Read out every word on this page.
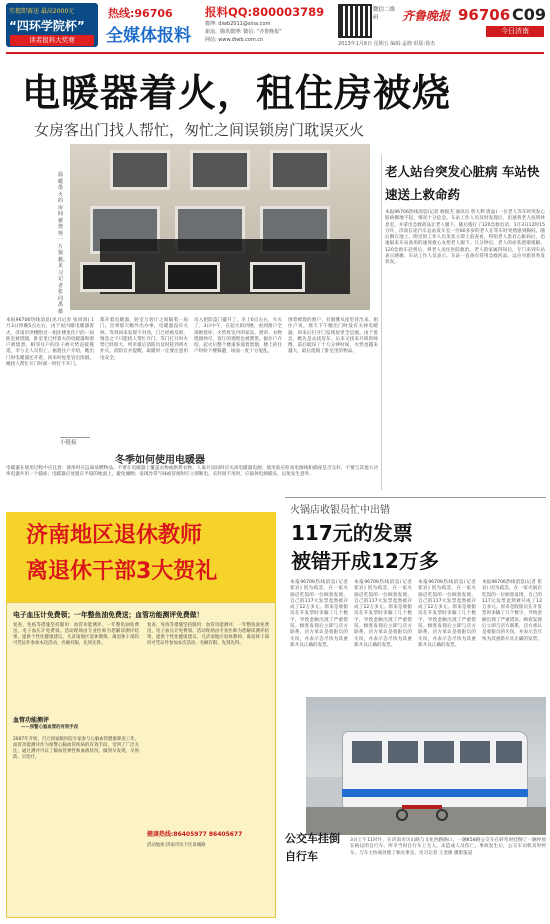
实握即赛送 最高2000元
“四环学院杯”
读者报料大奖赛
热线:96706
全媒体报料
报料QQ:800003789
微博: diwb2011@sina.com
新浪、腾讯微博: 微信: “齐鲁晚报”
网站: www.diwb.com.cn
微信二维码	齐鲁晚报 96706 C09
今日济南
2013年1月8日 星期五 编辑:孟晓 组版:徐杰
电暖器着火，租住房被烧
女房客出门找人帮忙，匆忙之间误锁房门耽误灭火
温暖借火的房间被烧得一片狼藉。 见习记者 张同禹 摄
老人站台突发心脏病 车站快速送上救命药
本报96706热线消息(记者 杨悦杰 通讯员 曾大利 唐晶) 一位老人等车时突发心脏病倒地不起，情况十分危急。车站工作人员及时发现后，迅速将老人扶到休息室，并拿出急救药品让老人服下，随后拨打了120急救电话。1月3日12时15分许，济南长途汽车总站发车室一位60多岁的老人在等车时突然感到胸闷，随后倒在地上。附近的工作人员见状立即上前查看，得知老人患有心脏病后，迅速取来车站备用的速效救心丸给老人服下。几分钟后，老人的症状逐渐缓解。120急救车赶到后，将老人送往医院救治。老人的家属得知后，专门来到车站表示感谢。车站工作人员表示，车站一直备有常用急救药品，以应对旅客突发状况。
本报96706热线消息(见习记者 张同禹) 1月3日傍晚5点左右，由于屋内暖电暖器着火，济南市洪楼附近一租住楼里住户的一间卧室被烧毁，卧室里已经着火的电暖器和窗户被烧黑。相邻住户的房子被火势直接蔓延，幸亏无人员伤亡。据租住户介绍，她出门时电暖器还开着，回来时屋里冒出浓烟，她找人帮忙开门时却一时打不开门。
都开着电暖器，卧室与客厅之间隔着一扇门。出事那天她外出办事，电暖器没有关掉，等到回来发现不对劲，门已经被反锁，情急之下只能找人帮忙开门。等门打开时火势已经很大，所幸最后消防员及时赶到将火扑灭。消防官兵提醒，取暖时一定要注意用电安全。
房入把防盗门撬开了，早上6点左右，火灭了。3日中午，在起火的四楼，看到窗户全部被烧坏，火势将室内的家具、窗帘、衣物烧毁殆尽，客厅的墙壁也被熏黑。据住户介绍，起火后整个楼道弥漫着黑烟，楼上的住户纷纷下楼躲避，场面一度十分混乱。
围着被烧的窗户，有烟雾从屋里冒出来。租住户说，那天下午她出门时没有关掉电暖器，回来后打开门发现屋里全是烟。由于着急，她先是去找房东，后来又找来开锁的师傅，前后耽误了十几分钟时间，火势也越来越大，最后烧毁了卧室里的物品。
小链接
冬季如何使用电暖器
电暖器在使用过程中应注意：使用时应远离易燃物品，不要在电暖器上覆盖衣物或烘烤衣物；人离开房间时应关闭电暖器电源；使用前应检查电源线和插座是否完好，不要与其他大功率电器共用一个插座；电暖器应放置在平稳的地面上，避免倾倒；发现异常气味或冒烟时应立即断电。长时间不用时，应拔掉电源插头，以免发生意外。
济南地区退休教师
离退休干部3大贺礼
电子血压计免费领；一年整鱼油免费送；血管功能测评免费做！
复查、免疫等措施坚持服用：血管功能测评，一年整鱼油免费送，电子血压计免费领。活动现场由专业医师为您解读测评结果，提供个性化健康建议。凡济南地区退休教师、离退休干部均可凭证件参加本次活动，名额有限，先到先得。
血管功能测评
——预警心脑血管的有效手段
2007年开始，百万国家级医院专家参与心脑血管健康筛查工作，血管功能测评作为预警心脑血管疾病的有效手段，受到了广泛关注。通过测评可以了解血管弹性和血液状况，做到早发现、早预防、早治疗。
复查、免疫等措施坚持服用：血管功能测评，一年整鱼油免费送，电子血压计免费领。活动现场由专业医师为您解读测评结果，提供个性化健康建议。凡济南地区退休教师、离退休干部均可凭证件参加本次活动，名额有限，先到先得。
健康热线:86405977 86405677
活动地址:济南市历下区泉城路
火锅店收银员忙中出错
117元的发票
被错开成12万多
本报96706热线消息(记者 崔岩) 因为疏忽，在一家火锅店吃饭的一位顾客发现，自己的117元发票竟然被开成了12万多元。原来是收银员在开发票时多输了几个数字，导致金额出现了严重错误。顾客发现后立即与店方联系，店方承认是收银员的失误，并表示会尽快为其重新开具正确的发票。
本报96706热线消息(记者 崔岩) 因为疏忽，在一家火锅店吃饭的一位顾客发现，自己的117元发票竟然被开成了12万多元。原来是收银员在开发票时多输了几个数字，导致金额出现了严重错误。顾客发现后立即与店方联系，店方承认是收银员的失误，并表示会尽快为其重新开具正确的发票。
本报96706热线消息(记者 崔岩) 因为疏忽，在一家火锅店吃饭的一位顾客发现，自己的117元发票竟然被开成了12万多元。原来是收银员在开发票时多输了几个数字，导致金额出现了严重错误。顾客发现后立即与店方联系，店方承认是收银员的失误，并表示会尽快为其重新开具正确的发票。
本报96706热线消息(记者 崔岩) 因为疏忽，在一家火锅店吃饭的一位顾客发现，自己的117元发票竟然被开成了12万多元。原来是收银员在开发票时多输了几个数字，导致金额出现了严重错误。顾客发现后立即与店方联系，店方承认是收银员的失误，并表示会尽快为其重新开具正确的发票。
公交车挂倒自行车
3日上午11时许，在济南市历山路与文化西路路口，一辆K58路公交车在转弯时挂倒了一辆停放在路边的自行车。所幸当时自行车上无人，未造成人员伤亡。事故发生后，公交车司机及时停车，与车主协商处理了相关事宜。见习记者 王金源 摄影报道
